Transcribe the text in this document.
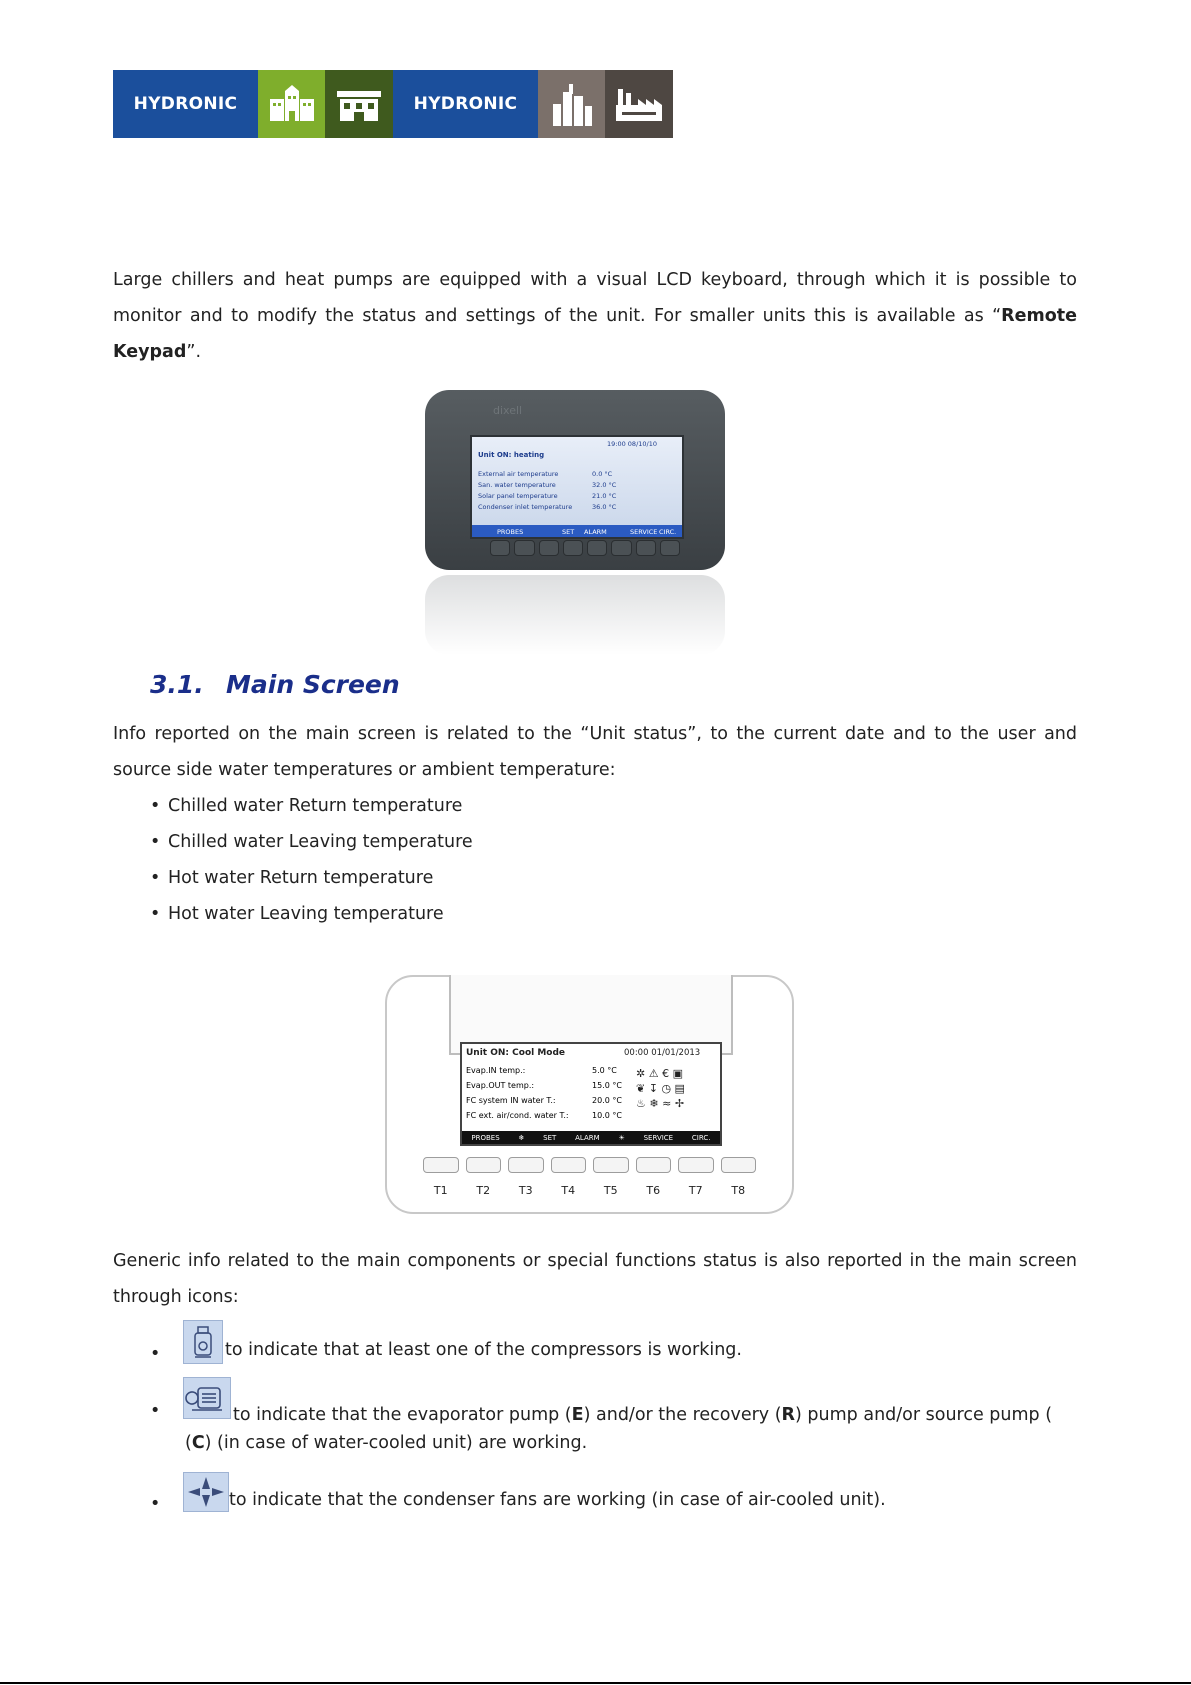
HYDRONIC	HYDRONIC

Large chillers and heat pumps are equipped with a visual LCD keyboard, through which it is possible to monitor and to modify the status and settings of the unit. For smaller units this is available as “Remote Keypad”.

dixell
19:00 08/10/10
Unit ON: heating
External air temperature	0.0 °C
San. water temperature	32.0 °C
Solar panel temperature	21.0 °C
Condenser inlet temperature	36.0 °C
PROBES	SET ALARM	SERVICE CIRC.
3.1. Main Screen

Info reported on the main screen is related to the “Unit status”, to the current date and to the user and source side water temperatures or ambient temperature:

• Chilled water Return temperature
• Chilled water Leaving temperature
• Hot water Return temperature
• Hot water Leaving temperature
Unit ON: Cool Mode	00:00 01/01/2013
Evap.IN temp.:	5.0 °C
Evap.OUT temp.:	15.0 °C
FC system IN water T.:	20.0 °C
FC ext. air/cond. water T.:	10.0 °C
✲ ⚠ € ▣
❦ ↧ ◷ ▤
♨ ❄ ≈ ✢
PROBES	❄	SET	ALARM	☀	SERVICE	CIRC.
T1	T2	T3	T4	T5	T6	T7	T8

Generic info related to the main components or special functions status is also reported in the main screen through icons:

•	to indicate that at least one of the compressors is working.
•	to indicate that the evaporator pump (E) and/or the recovery (R) pump and/or source pump (
(C) (in case of water-cooled unit) are working.
•	to indicate that the condenser fans are working (in case of air-cooled unit).
